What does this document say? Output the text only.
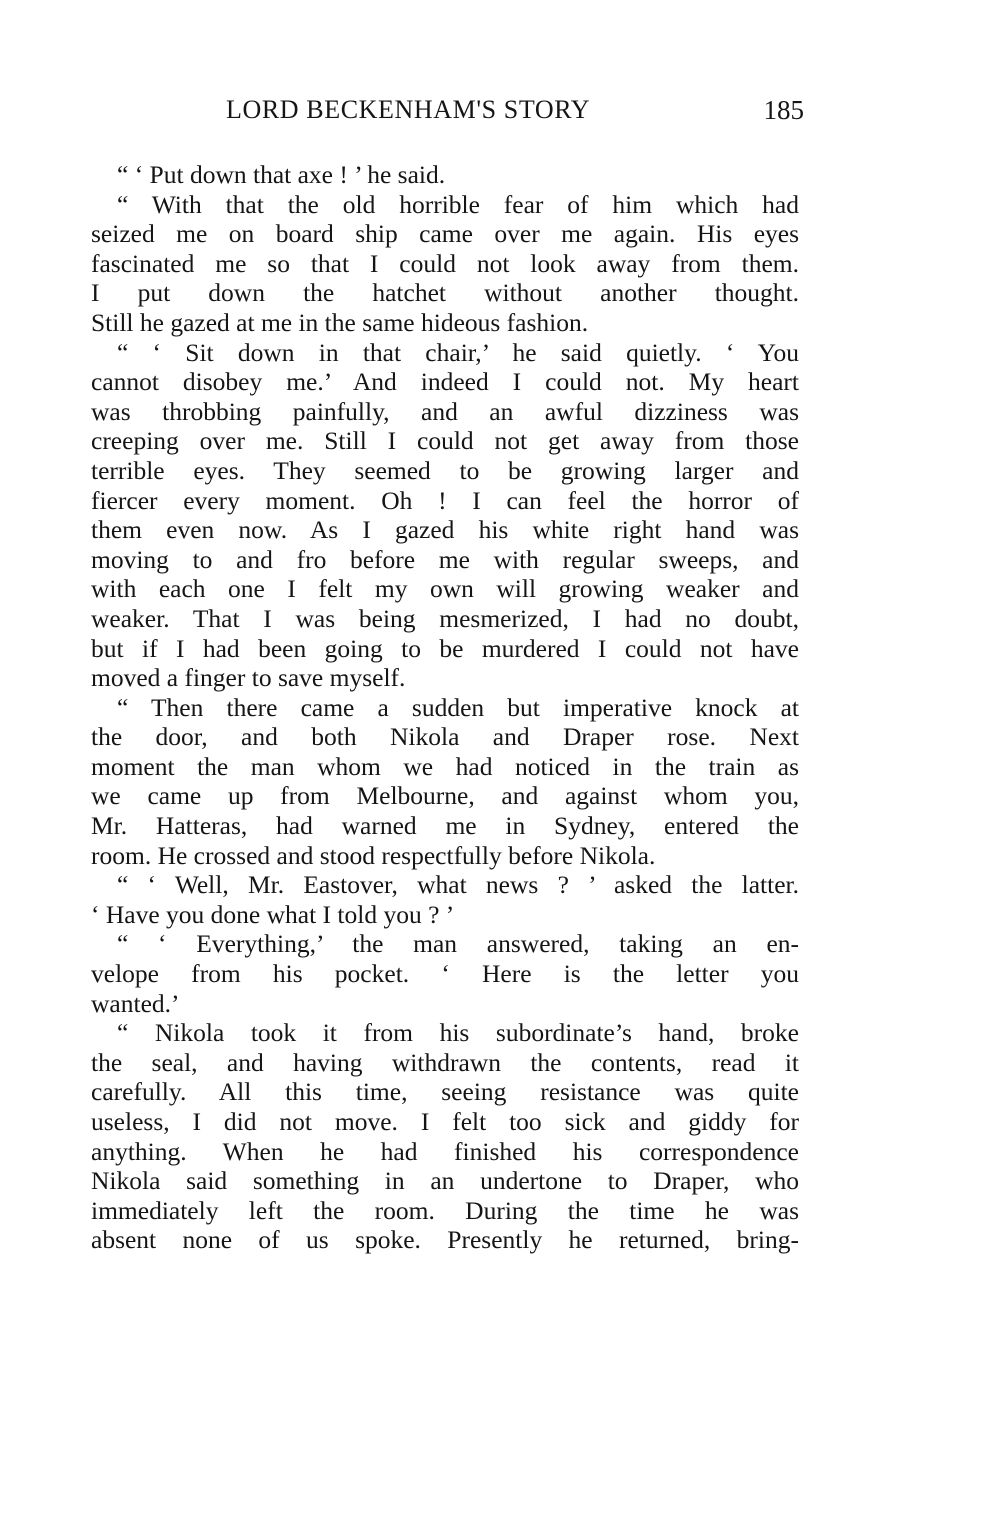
LORD BECKENHAM'S STORY	185
“ ‘ Put down that axe ! ’ he said.
“ With that the old horrible fear of him which had
seized me on board ship came over me again. His eyes
fascinated me so that I could not look away from them.
I put down the hatchet without another thought.
Still he gazed at me in the same hideous fashion.
“ ‘ Sit down in that chair,’ he said quietly. ‘ You
cannot disobey me.’ And indeed I could not. My heart
was throbbing painfully, and an awful dizziness was
creeping over me. Still I could not get away from those
terrible eyes. They seemed to be growing larger and
fiercer every moment. Oh ! I can feel the horror of
them even now. As I gazed his white right hand was
moving to and fro before me with regular sweeps, and
with each one I felt my own will growing weaker and
weaker. That I was being mesmerized, I had no doubt,
but if I had been going to be murdered I could not have
moved a finger to save myself.
“ Then there came a sudden but imperative knock at
the door, and both Nikola and Draper rose. Next
moment the man whom we had noticed in the train as
we came up from Melbourne, and against whom you,
Mr. Hatteras, had warned me in Sydney, entered the
room. He crossed and stood respectfully before Nikola.
“ ‘ Well, Mr. Eastover, what news ? ’ asked the latter.
‘ Have you done what I told you ? ’
“ ‘ Everything,’ the man answered, taking an en-
velope from his pocket. ‘ Here is the letter you
wanted.’
“ Nikola took it from his subordinate’s hand, broke
the seal, and having withdrawn the contents, read it
carefully. All this time, seeing resistance was quite
useless, I did not move. I felt too sick and giddy for
anything. When he had finished his correspondence
Nikola said something in an undertone to Draper, who
immediately left the room. During the time he was
absent none of us spoke. Presently he returned, bring-
